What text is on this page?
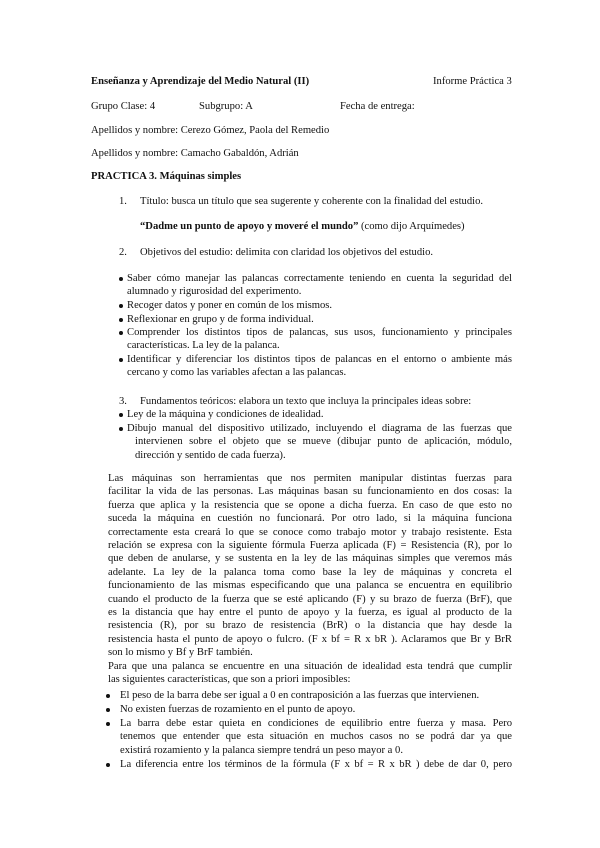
Enseñanza y Aprendizaje del Medio Natural (II)	Informe Práctica 3
Grupo Clase: 4	Subgrupo: A	Fecha de entrega:
Apellidos y nombre: Cerezo Gómez, Paola del Remedio
Apellidos y nombre: Camacho Gabaldón, Adrián
PRACTICA 3. Máquinas simples
1. Título: busca un título que sea sugerente y coherente con la finalidad del estudio.
“Dadme un punto de apoyo y moveré el mundo” (como dijo Arquímedes)
2. Objetivos del estudio: delimita con claridad los objetivos del estudio.
Saber cómo manejar las palancas correctamente teniendo en cuenta la seguridad del
alumnado y rigurosidad del experimento.
Recoger datos y poner en común de los mismos.
Reflexionar en grupo y de forma individual.
Comprender los distintos tipos de palancas, sus usos, funcionamiento y principales
características. La ley de la palanca.
Identificar y diferenciar los distintos tipos de palancas en el entorno o ambiente más
cercano y como las variables afectan a las palancas.
3. Fundamentos teóricos: elabora un texto que incluya la principales ideas sobre:
Ley de la máquina y condiciones de idealidad.
Dibujo manual del dispositivo utilizado, incluyendo el diagrama de las fuerzas que
intervienen sobre el objeto que se mueve (dibujar punto de aplicación, módulo,
dirección y sentido de cada fuerza).
Las máquinas son herramientas que nos permiten manipular distintas fuerzas para
facilitar la vida de las personas. Las máquinas basan su funcionamiento en dos cosas: la
fuerza que aplica y la resistencia que se opone a dicha fuerza. En caso de que esto no
suceda la máquina en cuestión no funcionará. Por otro lado, si la máquina funciona
correctamente esta creará lo que se conoce como trabajo motor y trabajo resistente. Esta
relación se expresa con la siguiente fórmula Fuerza aplicada (F) = Resistencia (R), por lo
que deben de anularse, y se sustenta en la ley de las máquinas simples que veremos más
adelante. La ley de la palanca toma como base la ley de máquinas y concreta el
funcionamiento de las mismas especificando que una palanca se encuentra en equilibrio
cuando el producto de la fuerza que se esté aplicando (F) y su brazo de fuerza (BrF), que
es la distancia que hay entre el punto de apoyo y la fuerza, es igual al producto de la
resistencia (R), por su brazo de resistencia (BrR) o la distancia que hay desde la
resistencia hasta el punto de apoyo o fulcro. (F x bf = R x bR ). Aclaramos que Br y BrR
son lo mismo y Bf y BrF también.
Para que una palanca se encuentre en una situación de idealidad esta tendrá que cumplir
las siguientes características, que son a priori imposibles:
El peso de la barra debe ser igual a 0 en contraposición a las fuerzas que intervienen.
No existen fuerzas de rozamiento en el punto de apoyo.
La barra debe estar quieta en condiciones de equilibrio entre fuerza y masa. Pero
tenemos que entender que esta situación en muchos casos no se podrá dar ya que
existirá rozamiento y la palanca siempre tendrá un peso mayor a 0.
La diferencia entre los términos de la fórmula (F x bf = R x bR ) debe de dar 0, pero
